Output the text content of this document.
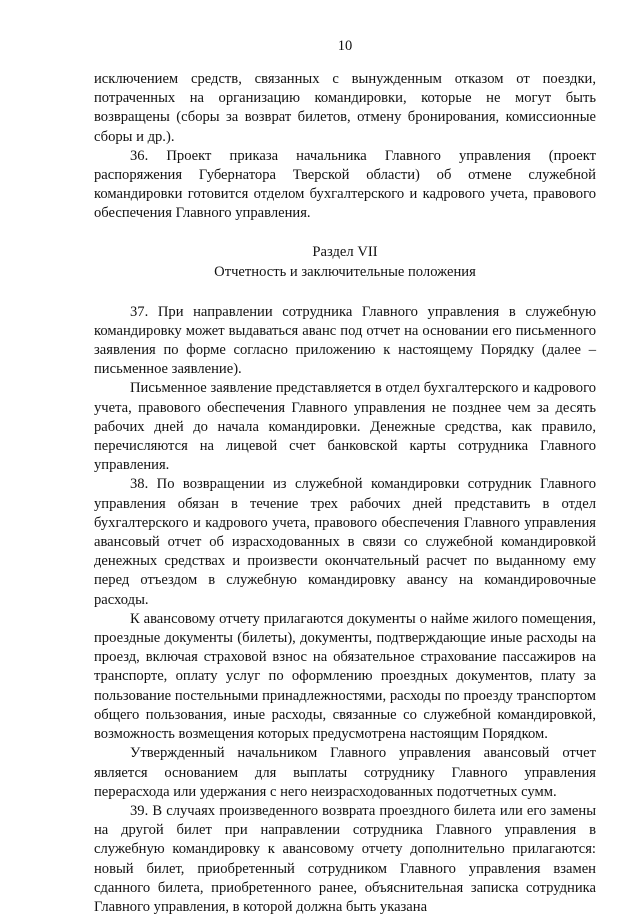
10

исключением средств, связанных с вынужденным отказом от поездки, потраченных на организацию командировки, которые не могут быть возвращены (сборы за возврат билетов, отмену бронирования, комиссионные сборы и др.).

36. Проект приказа начальника Главного управления (проект распоряжения Губернатора Тверской области) об отмене служебной командировки готовится отделом бухгалтерского и кадрового учета, правового обеспечения Главного управления.

Раздел VII
Отчетность и заключительные положения

37. При направлении сотрудника Главного управления в служебную командировку может выдаваться аванс под отчет на основании его письменного заявления по форме согласно приложению к настоящему Порядку (далее – письменное заявление).

Письменное заявление представляется в отдел бухгалтерского и кадрового учета, правового обеспечения Главного управления не позднее чем за десять рабочих дней до начала командировки. Денежные средства, как правило, перечисляются на лицевой счет банковской карты сотрудника Главного управления.

38. По возвращении из служебной командировки сотрудник Главного управления обязан в течение трех рабочих дней представить в отдел бухгалтерского и кадрового учета, правового обеспечения Главного управления авансовый отчет об израсходованных в связи со служебной командировкой денежных средствах и произвести окончательный расчет по выданному ему перед отъездом в служебную командировку авансу на командировочные расходы.

К авансовому отчету прилагаются документы о найме жилого помещения, проездные документы (билеты), документы, подтверждающие иные расходы на проезд, включая страховой взнос на обязательное страхование пассажиров на транспорте, оплату услуг по оформлению проездных документов, плату за пользование постельными принадлежностями, расходы по проезду транспортом общего пользования, иные расходы, связанные со служебной командировкой, возможность возмещения которых предусмотрена настоящим Порядком.

Утвержденный начальником Главного управления авансовый отчет является основанием для выплаты сотруднику Главного управления перерасхода или удержания с него неизрасходованных подотчетных сумм.

39. В случаях произведенного возврата проездного билета или его замены на другой билет при направлении сотрудника Главного управления в служебную командировку к авансовому отчету дополнительно прилагаются: новый билет, приобретенный сотрудником Главного управления взамен сданного билета, приобретенного ранее, объяснительная записка сотрудника Главного управления, в которой должна быть указана
